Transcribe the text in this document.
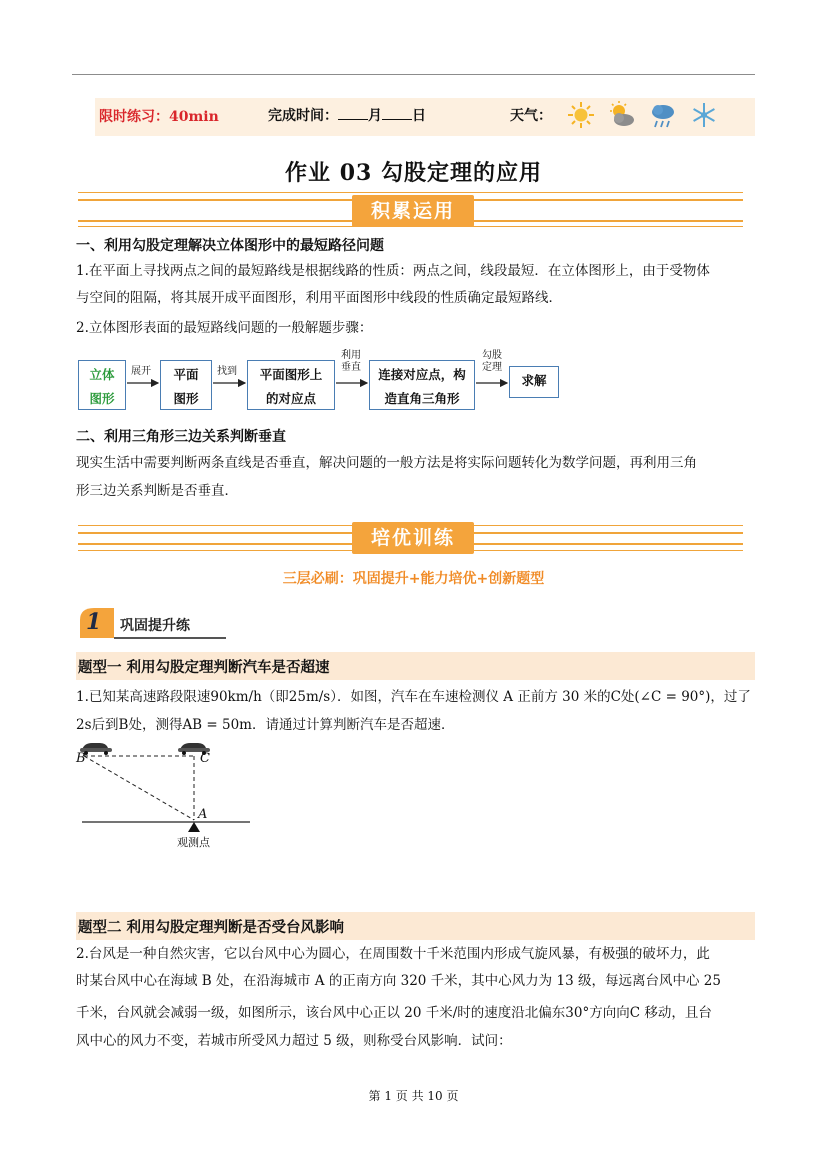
限时练习：40min	完成时间： 月 日	天气：
作业 03 勾股定理的应用
积累运用
一、利用勾股定理解决立体图形中的最短路径问题
1.在平面上寻找两点之间的最短路线是根据线路的性质：两点之间，线段最短．在立体图形上，由于受物体
与空间的阻隔，将其展开成平面图形，利用平面图形中线段的性质确定最短路线．
2.立体图形表面的最短路线问题的一般解题步骤：
立体
图形
平面
图形
平面图形上
的对应点
连接对应点，构
造直角三角形
求解
展开	找到
利用
垂直
勾股
定理
二、利用三角形三边关系判断垂直
现实生活中需要判断两条直线是否垂直，解决问题的一般方法是将实际问题转化为数学问题，再利用三角
形三边关系判断是否垂直．
培优训练
三层必刷：巩固提升+能力培优+创新题型
1 巩固提升练
题型一 利用勾股定理判断汽车是否超速
1.已知某高速路段限速90km/h（即25m/s）．如图，汽车在车速检测仪 A 正前方 30 米的C处(∠C = 90°)，过了
2s后到B处，测得AB = 50m．请通过计算判断汽车是否超速．
B	C
A
观测点
题型二 利用勾股定理判断是否受台风影响
2.台风是一种自然灾害，它以台风中心为圆心，在周围数十千米范围内形成气旋风暴，有极强的破坏力，此
时某台风中心在海域 B 处，在沿海城市 A 的正南方向 320 千米，其中心风力为 13 级，每远离台风中心 25
千米，台风就会减弱一级，如图所示，该台风中心正以 20 千米/时的速度沿北偏东30°方向向C 移动，且台
风中心的风力不变，若城市所受风力超过 5 级，则称受台风影响．试问：
第 1 页 共 10 页
